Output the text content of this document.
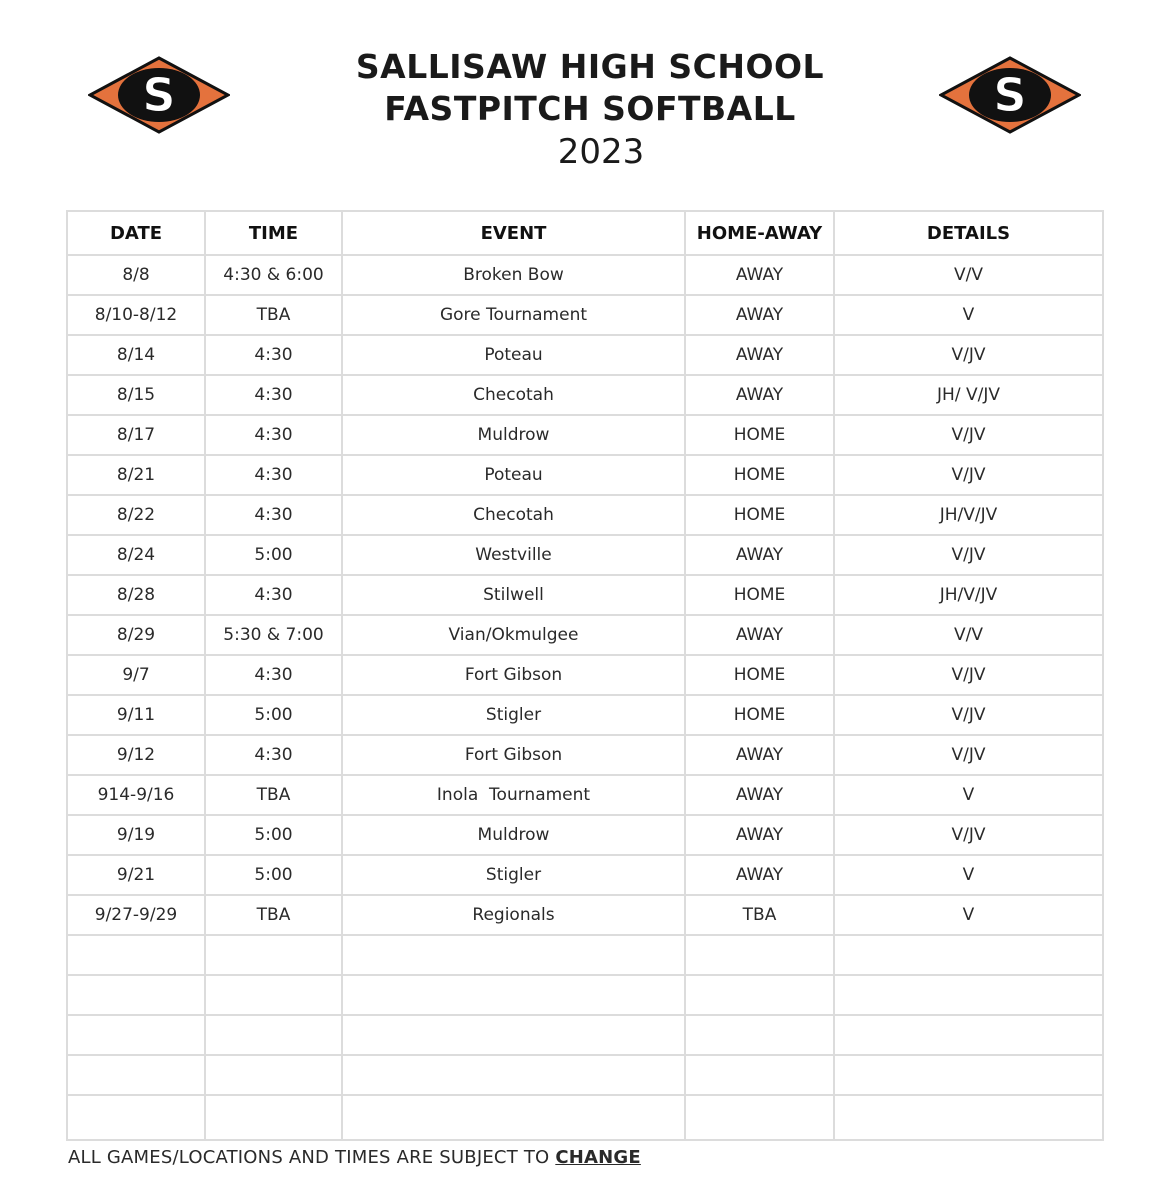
S	S
SALLISAW HIGH SCHOOL
FASTPITCH SOFTBALL
2023
DATE	TIME	EVENT	HOME-AWAY	DETAILS
8/8	4:30 & 6:00	Broken Bow	AWAY	V/V
8/10-8/12	TBA	Gore Tournament	AWAY	V
8/14	4:30	Poteau	AWAY	V/JV
8/15	4:30	Checotah	AWAY	JH/ V/JV
8/17	4:30	Muldrow	HOME	V/JV
8/21	4:30	Poteau	HOME	V/JV
8/22	4:30	Checotah	HOME	JH/V/JV
8/24	5:00	Westville	AWAY	V/JV
8/28	4:30	Stilwell	HOME	JH/V/JV
8/29	5:30 & 7:00	Vian/Okmulgee	AWAY	V/V
9/7	4:30	Fort Gibson	HOME	V/JV
9/11	5:00	Stigler	HOME	V/JV
9/12	4:30	Fort Gibson	AWAY	V/JV
914-9/16	TBA	Inola  Tournament	AWAY	V
9/19	5:00	Muldrow	AWAY	V/JV
9/21	5:00	Stigler	AWAY	V
9/27-9/29	TBA	Regionals	TBA	V

ALL GAMES/LOCATIONS AND TIMES ARE SUBJECT TO CHANGE
